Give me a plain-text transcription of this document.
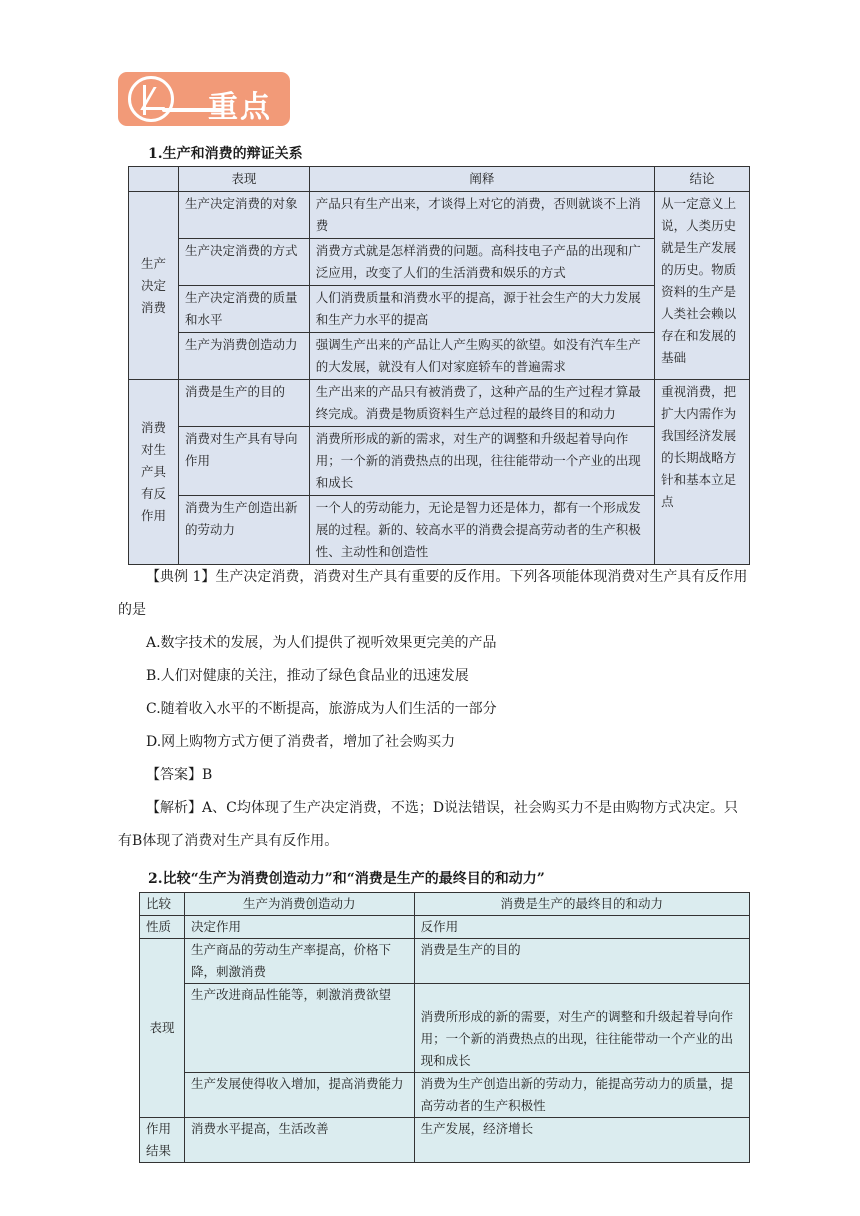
重点
1.生产和消费的辩证关系
	表现	阐释	结论
生产决定消费	生产决定消费的对象	产品只有生产出来，才谈得上对它的消费，否则就谈不上消费	从一定意义上说，人类历史就是生产发展的历史。物质资料的生产是人类社会赖以存在和发展的基础
	生产决定消费的方式	消费方式就是怎样消费的问题。高科技电子产品的出现和广泛应用，改变了人们的生活消费和娱乐的方式	
	生产决定消费的质量和水平	人们消费质量和消费水平的提高，源于社会生产的大力发展和生产力水平的提高	
	生产为消费创造动力	强调生产出来的产品让人产生购买的欲望。如没有汽车生产的大发展，就没有人们对家庭轿车的普遍需求	
消费对生产具有反作用	消费是生产的目的	生产出来的产品只有被消费了，这种产品的生产过程才算最终完成。消费是物质资料生产总过程的最终目的和动力	重视消费，把扩大内需作为我国经济发展的长期战略方针和基本立足点
	消费对生产具有导向作用	消费所形成的新的需求，对生产的调整和升级起着导向作用；一个新的消费热点的出现，往往能带动一个产业的出现和成长	
	消费为生产创造出新的劳动力	一个人的劳动能力，无论是智力还是体力，都有一个形成发展的过程。新的、较高水平的消费会提高劳动者的生产积极性、主动性和创造性	
【典例 1】生产决定消费，消费对生产具有重要的反作用。下列各项能体现消费对生产具有反作用的是
A.数字技术的发展，为人们提供了视听效果更完美的产品
B.人们对健康的关注，推动了绿色食品业的迅速发展
C.随着收入水平的不断提高，旅游成为人们生活的一部分
D.网上购物方式方便了消费者，增加了社会购买力
【答案】B
【解析】A、C均体现了生产决定消费，不选；D说法错误，社会购买力不是由购物方式决定。只有B体现了消费对生产具有反作用。
2.比较“生产为消费创造动力”和“消费是生产的最终目的和动力”
比较	生产为消费创造动力	消费是生产的最终目的和动力
性质	决定作用	反作用
表现	生产商品的劳动生产率提高，价格下降，刺激消费	消费是生产的目的
	生产改进商品性能等，刺激消费欲望	消费所形成的新的需要，对生产的调整和升级起着导向作用；一个新的消费热点的出现，往往能带动一个产业的出现和成长
	生产发展使得收入增加，提高消费能力	消费为生产创造出新的劳动力，能提高劳动力的质量，提高劳动者的生产积极性
作用结果	消费水平提高，生活改善	生产发展，经济增长
